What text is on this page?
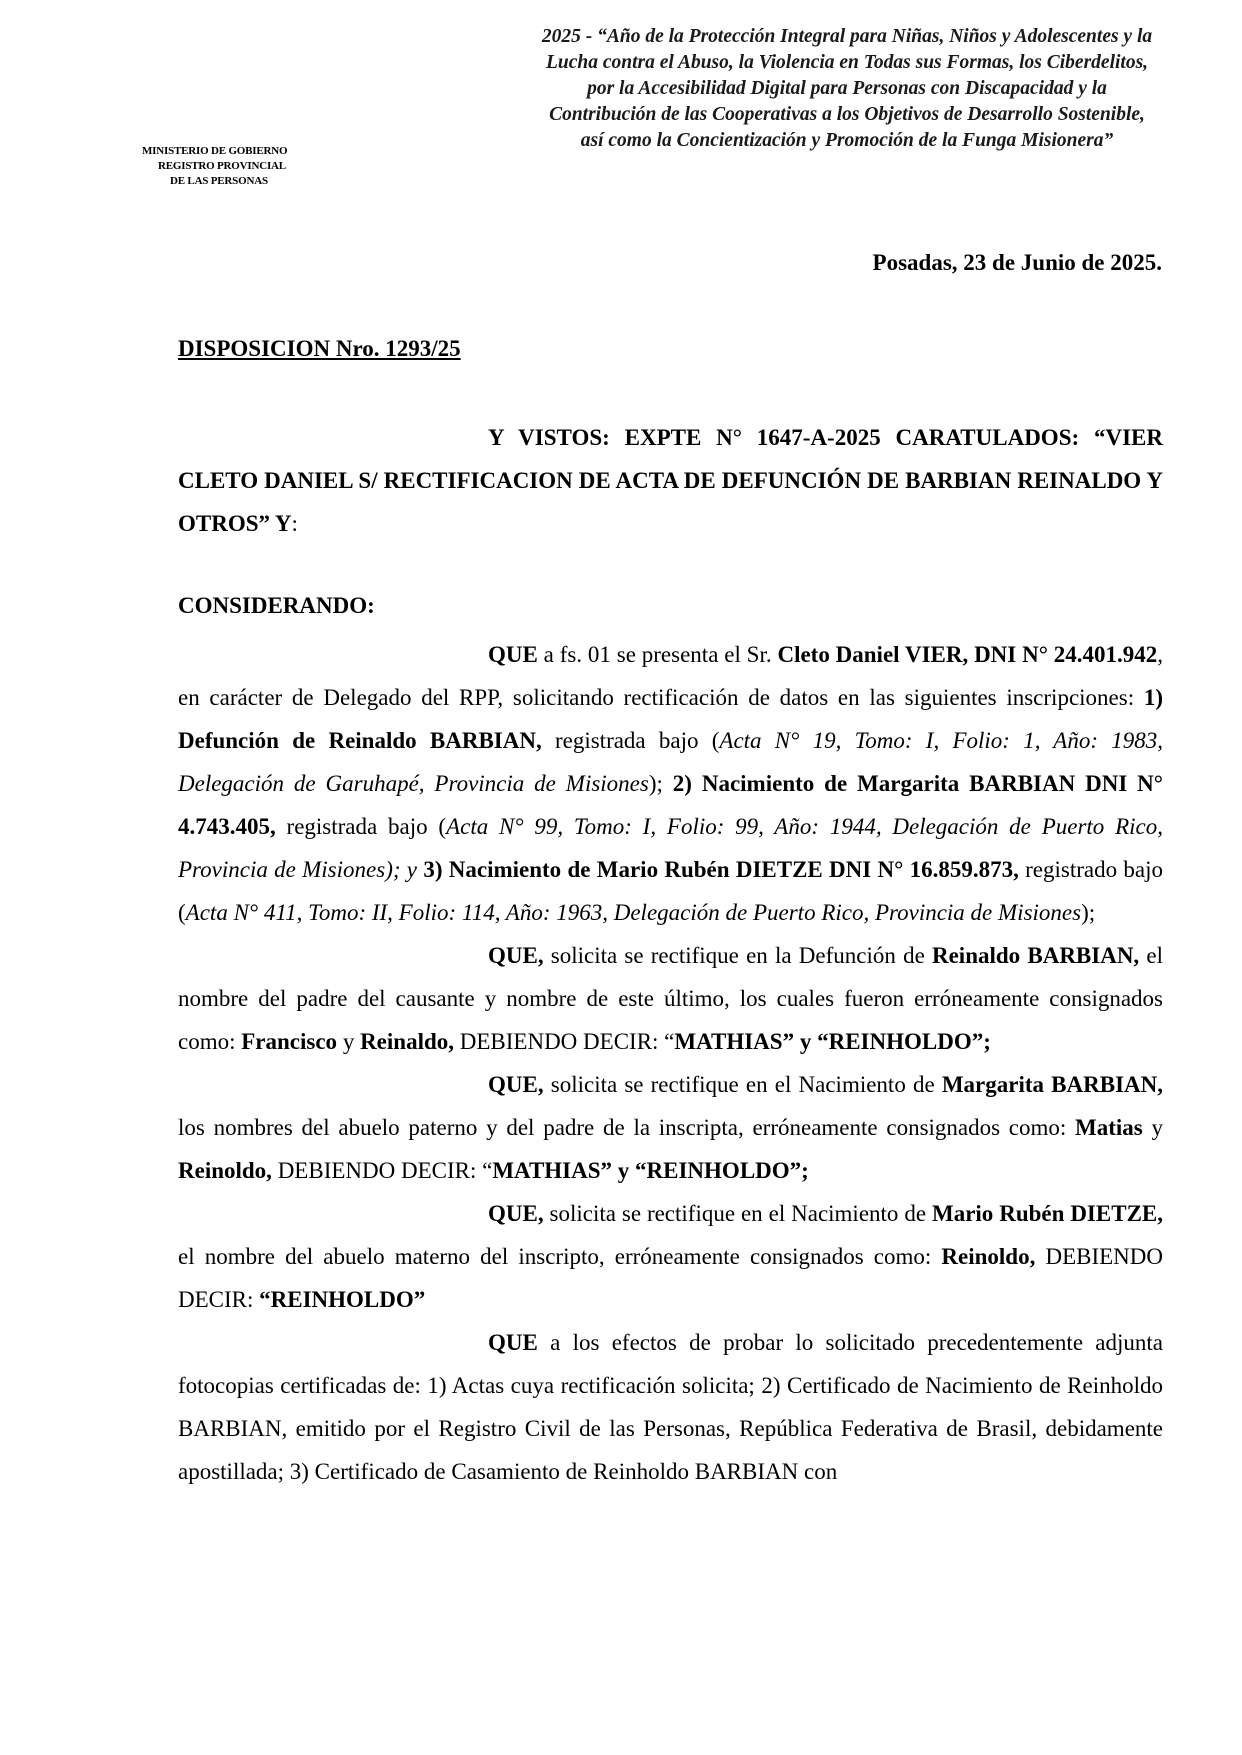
MINISTERIO DE GOBIERNO
REGISTRO PROVINCIAL
DE LAS PERSONAS
2025 - “Año de la Protección Integral para Niñas, Niños y Adolescentes y la
Lucha contra el Abuso, la Violencia en Todas sus Formas, los Ciberdelitos,
por la Accesibilidad Digital para Personas con Discapacidad y la
Contribución de las Cooperativas a los Objetivos de Desarrollo Sostenible,
así como la Concientización y Promoción de la Funga Misionera”
Posadas, 23 de Junio de 2025.
DISPOSICION Nro. 1293/25

Y VISTOS: EXPTE N° 1647-A-2025 CARATULADOS: “VIER CLETO DANIEL S/ RECTIFICACION DE ACTA DE DEFUNCIÓN DE BARBIAN REINALDO Y OTROS” Y:

CONSIDERANDO:

QUE a fs. 01 se presenta el Sr. Cleto Daniel VIER, DNI N° 24.401.942, en carácter de Delegado del RPP, solicitando rectificación de datos en las siguientes inscripciones: 1) Defunción de Reinaldo BARBIAN, registrada bajo (Acta N° 19, Tomo: I, Folio: 1, Año: 1983, Delegación de Garuhapé, Provincia de Misiones); 2) Nacimiento de Margarita BARBIAN DNI N° 4.743.405, registrada bajo (Acta N° 99, Tomo: I, Folio: 99, Año: 1944, Delegación de Puerto Rico, Provincia de Misiones); y 3) Nacimiento de Mario Rubén DIETZE DNI N° 16.859.873, registrado bajo (Acta N° 411, Tomo: II, Folio: 114, Año: 1963, Delegación de Puerto Rico, Provincia de Misiones);

QUE, solicita se rectifique en la Defunción de Reinaldo BARBIAN, el nombre del padre del causante y nombre de este último, los cuales fueron erróneamente consignados como: Francisco y Reinaldo, DEBIENDO DECIR: “MATHIAS” y “REINHOLDO”;

QUE, solicita se rectifique en el Nacimiento de Margarita BARBIAN, los nombres del abuelo paterno y del padre de la inscripta, erróneamente consignados como: Matias y Reinoldo, DEBIENDO DECIR: “MATHIAS” y “REINHOLDO”;

QUE, solicita se rectifique en el Nacimiento de Mario Rubén DIETZE, el nombre del abuelo materno del inscripto, erróneamente consignados como: Reinoldo, DEBIENDO DECIR: “REINHOLDO”

QUE a los efectos de probar lo solicitado precedentemente adjunta fotocopias certificadas de: 1) Actas cuya rectificación solicita; 2) Certificado de Nacimiento de Reinholdo BARBIAN, emitido por el Registro Civil de las Personas, República Federativa de Brasil, debidamente apostillada; 3) Certificado de Casamiento de Reinholdo BARBIAN con
